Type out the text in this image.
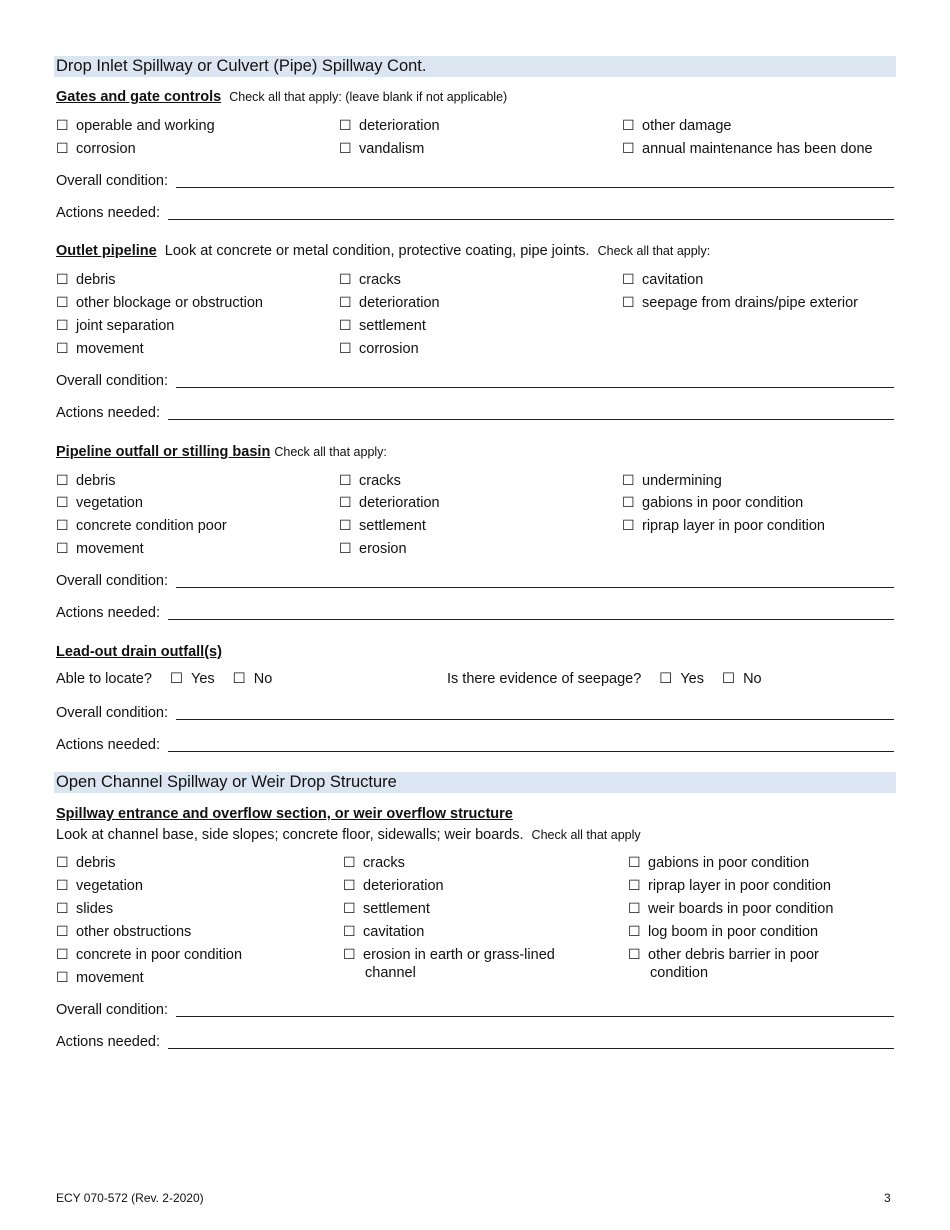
Drop Inlet Spillway or Culvert (Pipe) Spillway Cont.
Gates and gate controls Check all that apply: (leave blank if not applicable)
☐ operable and working
☐ corrosion
☐ deterioration
☐ vandalism
☐ other damage
☐ annual maintenance has been done
Overall condition:
Actions needed:
Outlet pipeline Look at concrete or metal condition, protective coating, pipe joints. Check all that apply:
☐ debris
☐ other blockage or obstruction
☐ joint separation
☐ movement
☐ cracks
☐ deterioration
☐ settlement
☐ corrosion
☐ cavitation
☐ seepage from drains/pipe exterior
Overall condition:
Actions needed:
Pipeline outfall or stilling basin Check all that apply:
☐ debris
☐ vegetation
☐ concrete condition poor
☐ movement
☐ cracks
☐ deterioration
☐ settlement
☐ erosion
☐ undermining
☐ gabions in poor condition
☐ riprap layer in poor condition
Overall condition:
Actions needed:
Lead-out drain outfall(s)
Able to locate? ☐ Yes ☐ No	Is there evidence of seepage? ☐ Yes ☐ No
Overall condition:
Actions needed:
Open Channel Spillway or Weir Drop Structure
Spillway entrance and overflow section, or weir overflow structure
Look at channel base, side slopes; concrete floor, sidewalls; weir boards. Check all that apply
☐ debris
☐ vegetation
☐ slides
☐ other obstructions
☐ concrete in poor condition
☐ movement
☐ cracks
☐ deterioration
☐ settlement
☐ cavitation
☐ erosion in earth or grass-lined
channel
☐ gabions in poor condition
☐ riprap layer in poor condition
☐ weir boards in poor condition
☐ log boom in poor condition
☐ other debris barrier in poor
condition
Overall condition:
Actions needed:
ECY 070-572 (Rev. 2-2020)	3
